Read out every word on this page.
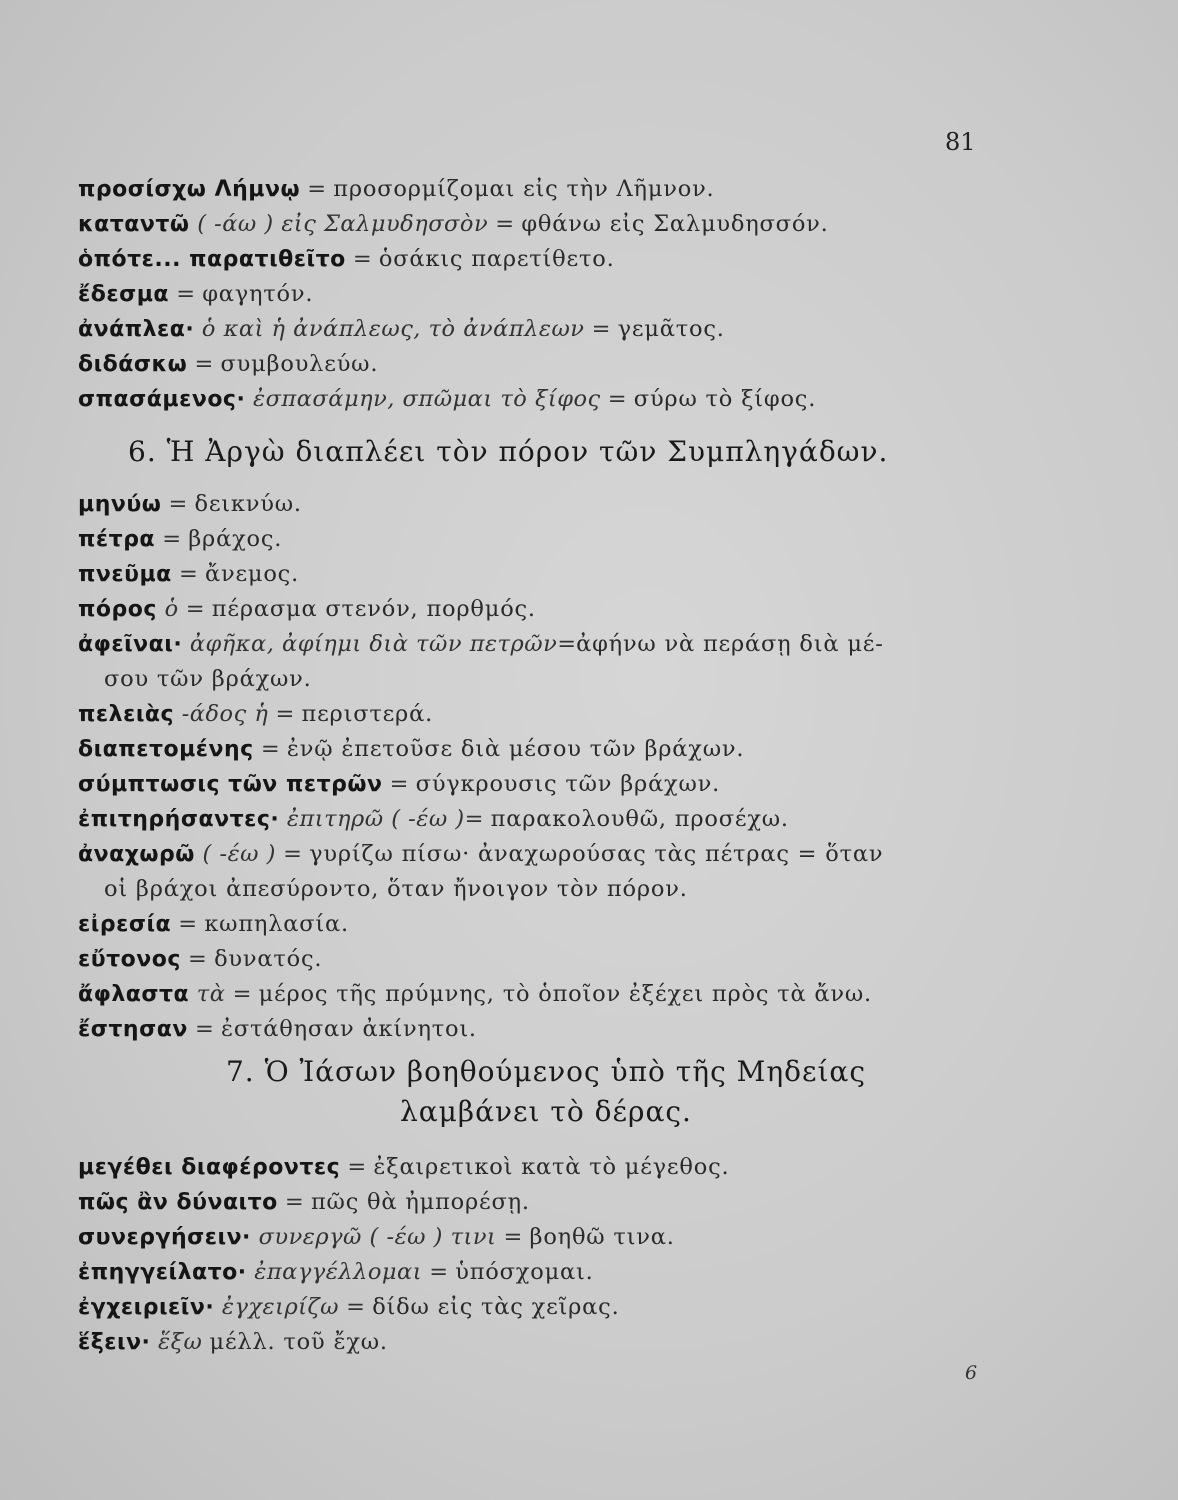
81
προσίσχω Λήμνῳ = προσορμίζομαι εἰς τὴν Λῆμνον.
καταντῶ ( -άω ) εἰς Σαλμυδησσὸν = φθάνω εἰς Σαλμυδησσόν.
ὁπότε... παρατιθεῖτο = ὁσάκις παρετίθετο.
ἔδεσμα = φαγητόν.
ἀνάπλεα· ὁ καὶ ἡ ἀνάπλεως, τὸ ἀνάπλεων = γεμᾶτος.
διδάσκω = συμβουλεύω.
σπασάμενος· ἐσπασάμην, σπῶμαι τὸ ξίφος = σύρω τὸ ξίφος.
6. Ἡ Ἀργὼ διαπλέει τὸν πόρον τῶν Συμπληγάδων.
μηνύω = δεικνύω.
πέτρα = βράχος.
πνεῦμα = ἄνεμος.
πόρος ὁ = πέρασμα στενόν, πορθμός.
ἀφεῖναι· ἀφῆκα, ἀφίημι διὰ τῶν πετρῶν=ἀφήνω νὰ περάσῃ διὰ μέ-
σου τῶν βράχων.
πελειὰς -άδος ἡ = περιστερά.
διαπετομένης = ἐνῷ ἐπετοῦσε διὰ μέσου τῶν βράχων.
σύμπτωσις τῶν πετρῶν = σύγκρουσις τῶν βράχων.
ἐπιτηρήσαντες· ἐπιτηρῶ ( -έω )= παρακολουθῶ, προσέχω.
ἀναχωρῶ ( -έω ) = γυρίζω πίσω· ἀναχωρούσας τὰς πέτρας = ὅταν
οἱ βράχοι ἀπεσύροντο, ὅταν ἤνοιγον τὸν πόρον.
εἰρεσία = κωπηλασία.
εὔτονος = δυνατός.
ἄφλαστα τὰ = μέρος τῆς πρύμνης, τὸ ὁποῖον ἐξέχει πρὸς τὰ ἄνω.
ἔστησαν = ἐστάθησαν ἀκίνητοι.
7. Ὁ Ἰάσων βοηθούμενος ὑπὸ τῆς Μηδείας
λαμβάνει τὸ δέρας.
μεγέθει διαφέροντες = ἐξαιρετικοὶ κατὰ τὸ μέγεθος.
πῶς ἂν δύναιτο = πῶς θὰ ἠμπορέσῃ.
συνεργήσειν· συνεργῶ ( -έω ) τινι = βοηθῶ τινα.
ἐπηγγείλατο· ἐπαγγέλλομαι = ὑπόσχομαι.
ἐγχειριεῖν· ἐγχειρίζω = δίδω εἰς τὰς χεῖρας.
ἕξειν· ἕξω μέλλ. τοῦ ἔχω.
6
